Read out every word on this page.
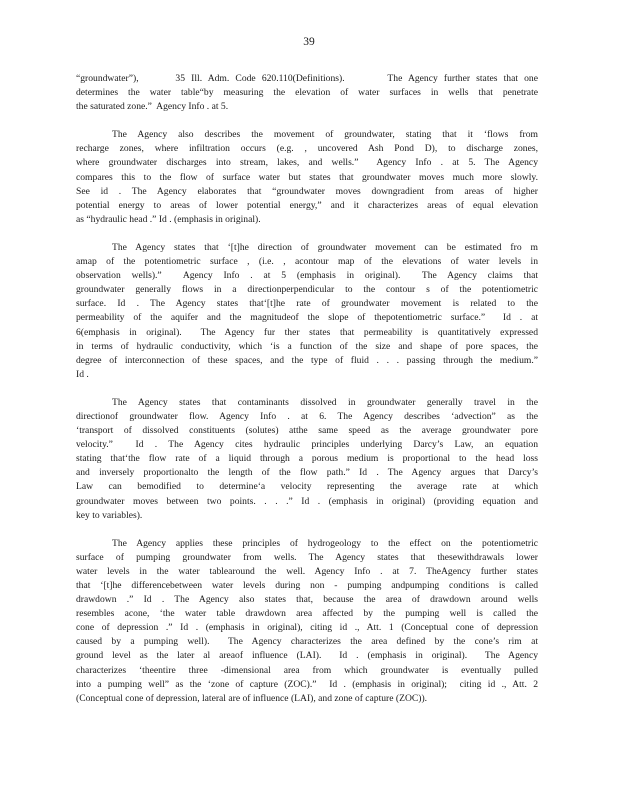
39
“groundwater”),      35 Ill. Adm. Code 620.110(Definitions).       The Agency further states that one
determines the water table“by measuring the elevation of water surfaces in wells that penetrate
the saturated zone.”  Agency Info . at 5.
The Agency also describes the movement of groundwater, stating that it ‘flows from
recharge zones, where infiltration occurs (e.g. , uncovered Ash Pond D), to discharge zones,
where groundwater discharges into stream, lakes, and wells.”  Agency Info . at 5. The Agency
compares this to the flow of surface water but states that groundwater moves much more slowly.
See id . The Agency elaborates that “groundwater moves downgradient from areas of higher
potential energy to areas of lower potential energy,” and it characterizes areas of equal elevation
as “hydraulic head .” Id . (emphasis in original).
The Agency states that ‘[t]he direction of groundwater movement can be estimated fro m
amap of the potentiometric surface , (i.e. , acontour map of the elevations of water levels in
observation wells).”  Agency Info . at 5 (emphasis in original).  The Agency claims that
groundwater generally flows in a directionperpendicular to the contour s of the potentiometric
surface. Id . The Agency states that‘[t]he rate of groundwater movement is related to the
permeability of the aquifer and the magnitudeof the slope of thepotentiometric surface.”  Id . at
6(emphasis in original).  The Agency fur ther states that permeability is quantitatively expressed
in terms of hydraulic conductivity, which ‘is a function of the size and shape of pore spaces, the
degree of interconnection of these spaces, and the type of fluid . . . passing through the medium.”
Id .
The Agency states that contaminants dissolved in groundwater generally travel in the
directionof groundwater flow. Agency Info . at 6. The Agency describes ‘advection” as the
‘transport of dissolved constituents (solutes) atthe same speed as the average groundwater pore
velocity.”  Id . The Agency cites hydraulic principles underlying Darcy’s Law, an equation
stating that‘the flow rate of a liquid through a porous medium is proportional to the head loss
and inversely proportionalto the length of the flow path.” Id . The Agency argues that Darcy’s
Law can bemodified to determine‘a velocity representing the average rate at which
groundwater moves between two points. . . .” Id . (emphasis in original) (providing equation and
key to variables).
The Agency applies these principles of hydrogeology to the effect on the potentiometric
surface of pumping groundwater from wells. The Agency states that thesewithdrawals lower
water levels in the water tablearound the well. Agency Info . at 7. TheAgency further states
that ‘[t]he differencebetween water levels during non - pumping andpumping conditions is called
drawdown .” Id . The Agency also states that, because the area of drawdown around wells
resembles acone, ‘the water table drawdown area affected by the pumping well is called the
cone of depression .” Id . (emphasis in original), citing id ., Att. 1 (Conceptual cone of depression
caused by a pumping well).  The Agency characterizes the area defined by the cone’s rim at
ground level as the later al areaof influence (LAI).  Id . (emphasis in original).  The Agency
characterizes ‘theentire three -dimensional area from which groundwater is eventually pulled
into a pumping well” as the ‘zone of capture (ZOC).”  Id . (emphasis in original);  citing id ., Att. 2
(Conceptual cone of depression, lateral are of influence (LAI), and zone of capture (ZOC)).
